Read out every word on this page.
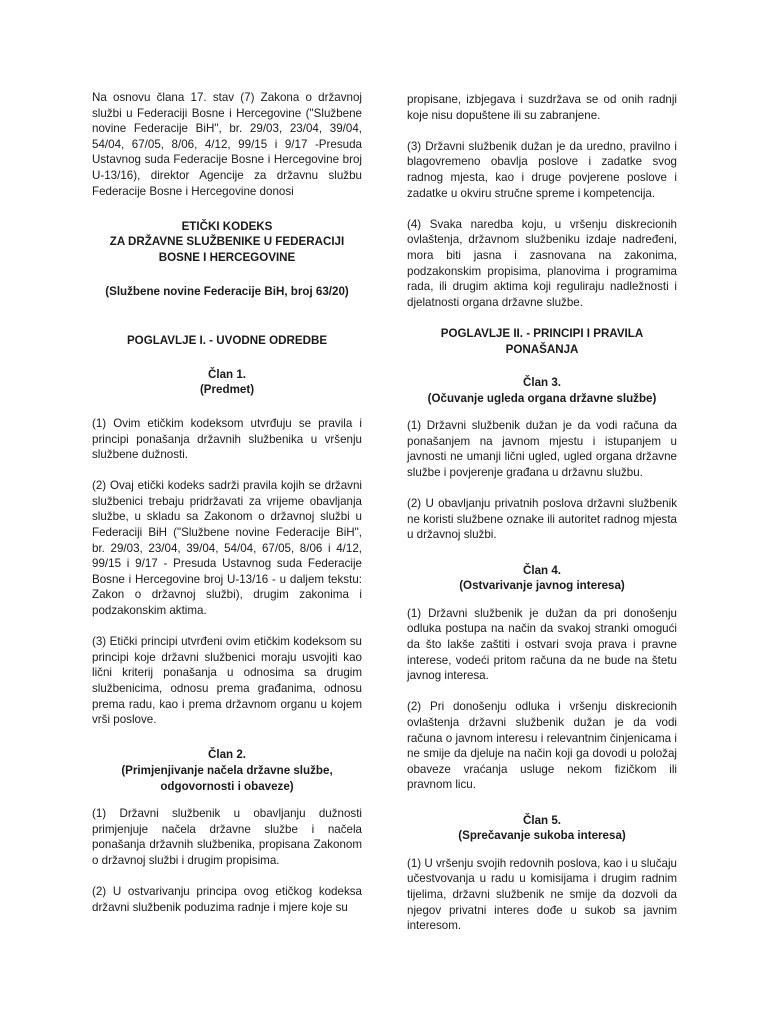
Na osnovu člana 17. stav (7) Zakona o državnoj službi u Federaciji Bosne i Hercegovine ("Službene novine Federacije BiH", br. 29/03, 23/04, 39/04, 54/04, 67/05, 8/06, 4/12, 99/15 i 9/17 -Presuda Ustavnog suda Federacije Bosne i Hercegovine broj U-13/16), direktor Agencije za državnu službu Federacije Bosne i Hercegovine donosi

ETIČKI KODEKS

ZA DRŽAVNE SLUŽBENIKE U FEDERACIJI BOSNE I HERCEGOVINE

(Službene novine Federacije BiH, broj 63/20)

POGLAVLJE I. - UVODNE ODREDBE

Član 1.

(Predmet)

(1) Ovim etičkim kodeksom utvrđuju se pravila i principi ponašanja državnih službenika u vršenju službene dužnosti.

(2) Ovaj etički kodeks sadrži pravila kojih se državni službenici trebaju pridržavati za vrijeme obavljanja službe, u skladu sa Zakonom o državnoj službi u Federaciji BiH ("Službene novine Federacije BiH", br. 29/03, 23/04, 39/04, 54/04, 67/05, 8/06 i 4/12, 99/15 i 9/17 - Presuda Ustavnog suda Federacije Bosne i Hercegovine broj U-13/16 - u daljem tekstu: Zakon o državnoj službi), drugim zakonima i podzakonskim aktima.

(3) Etički principi utvrđeni ovim etičkim kodeksom su principi koje državni službenici moraju usvojiti kao lični kriterij ponašanja u odnosima sa drugim službenicima, odnosu prema građanima, odnosu prema radu, kao i prema državnom organu u kojem vrši poslove.

Član 2.

(Primjenjivanje načela državne službe, odgovornosti i obaveze)

(1) Državni službenik u obavljanju dužnosti primjenjuje načela državne službe i načela ponašanja državnih službenika, propisana Zakonom o državnoj službi i drugim propisima.

(2) U ostvarivanju principa ovog etičkog kodeksa državni službenik poduzima radnje i mjere koje su

propisane, izbjegava i suzdržava se od onih radnji koje nisu dopuštene ili su zabranjene.

(3) Državni službenik dužan je da uredno, pravilno i blagovremeno obavlja poslove i zadatke svog radnog mjesta, kao i druge povjerene poslove i zadatke u okviru stručne spreme i kompetencija.

(4) Svaka naredba koju, u vršenju diskrecionih ovlaštenja, državnom službeniku izdaje nadređeni, mora biti jasna i zasnovana na zakonima, podzakonskim propisima, planovima i programima rada, ili drugim aktima koji reguliraju nadležnosti i djelatnosti organa državne službe.

POGLAVLJE II. - PRINCIPI I PRAVILA PONAŠANJA

Član 3.

(Očuvanje ugleda organa državne službe)

(1) Državni službenik dužan je da vodi računa da ponašanjem na javnom mjestu i istupanjem u javnosti ne umanji lični ugled, ugled organa državne službe i povjerenje građana u državnu službu.

(2) U obavljanju privatnih poslova državni službenik ne koristi službene oznake ili autoritet radnog mjesta u državnoj službi.

Član 4.

(Ostvarivanje javnog interesa)

(1) Državni službenik je dužan da pri donošenju odluka postupa na način da svakoj stranki omogući da što lakše zaštiti i ostvari svoja prava i pravne interese, vodeći pritom računa da ne bude na štetu javnog interesa.

(2) Pri donošenju odluka i vršenju diskrecionih ovlaštenja državni službenik dužan je da vodi računa o javnom interesu i relevantnim činjenicama i ne smije da djeluje na način koji ga dovodi u položaj obaveze vraćanja usluge nekom fizičkom ili pravnom licu.

Član 5.

(Sprečavanje sukoba interesa)

(1) U vršenju svojih redovnih poslova, kao i u slučaju učestvovanja u radu u komisijama i drugim radnim tijelima, državni službenik ne smije da dozvoli da njegov privatni interes dođe u sukob sa javnim interesom.
